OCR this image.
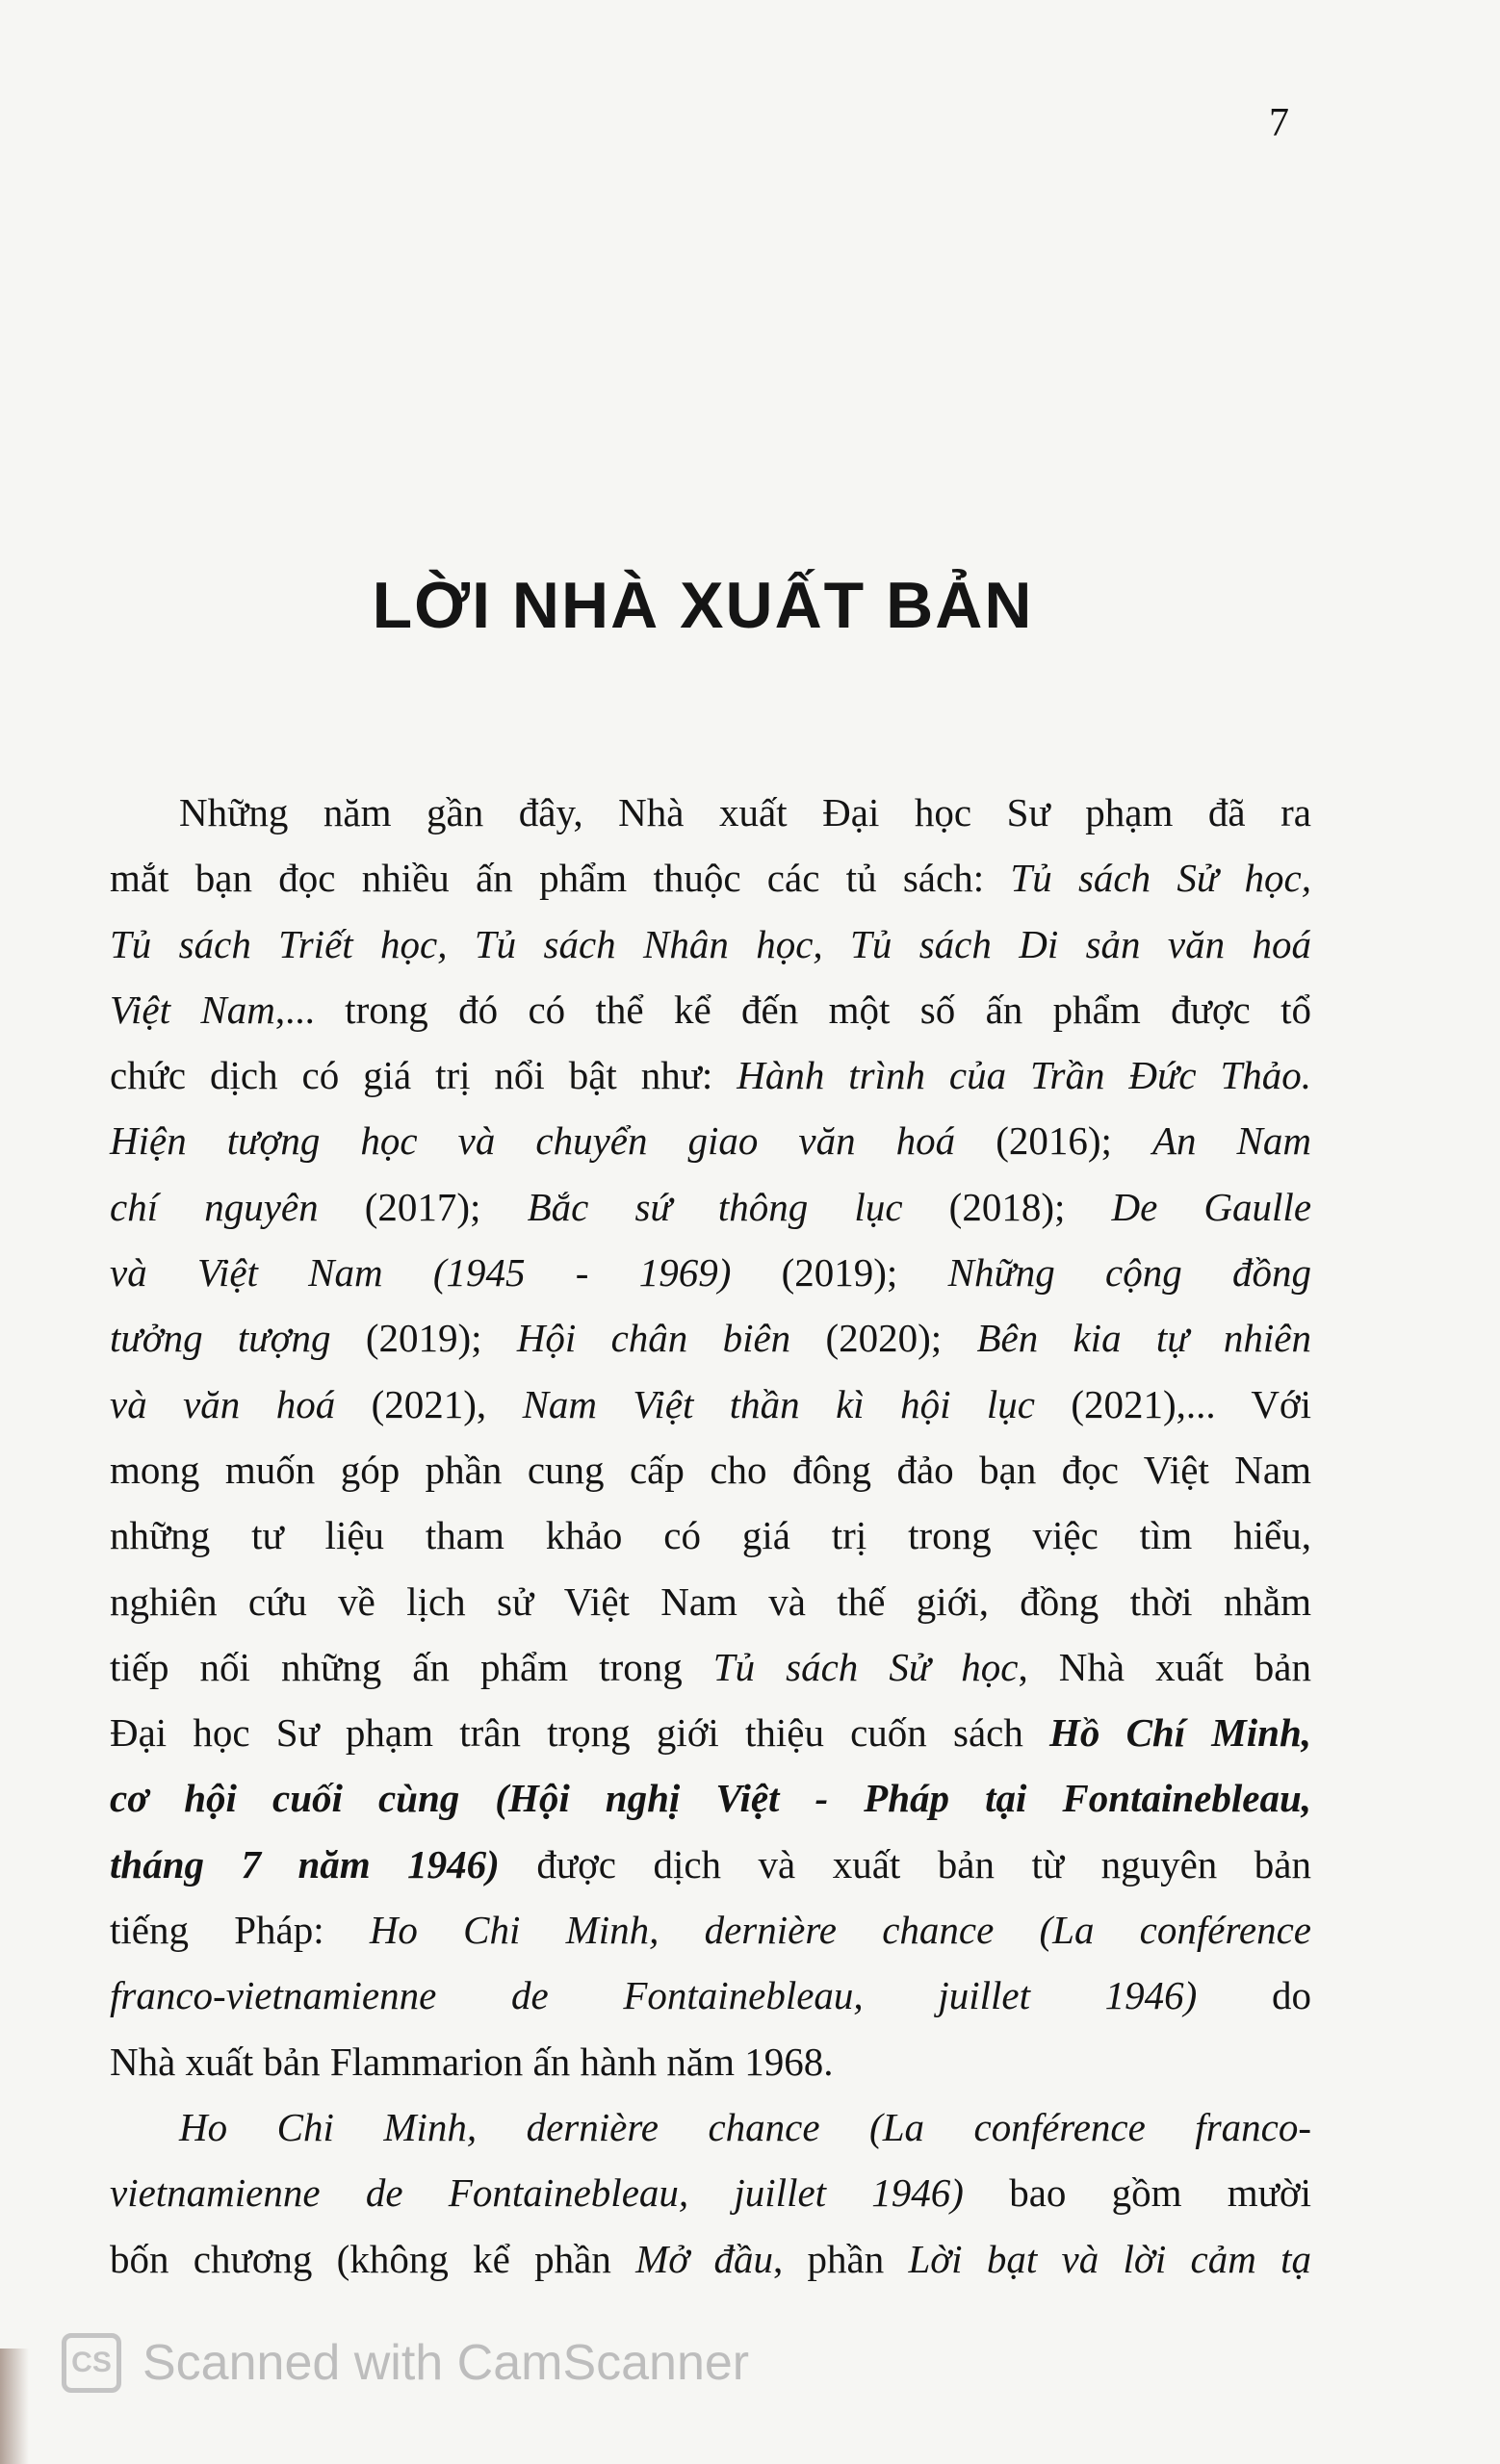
7
LỜI NHÀ XUẤT BẢN
Những năm gần đây, Nhà xuất Đại học Sư phạm đã ra
mắt bạn đọc nhiều ấn phẩm thuộc các tủ sách: Tủ sách Sử học,
Tủ sách Triết học, Tủ sách Nhân học, Tủ sách Di sản văn hoá
Việt Nam,... trong đó có thể kể đến một số ấn phẩm được tổ
chức dịch có giá trị nổi bật như: Hành trình của Trần Đức Thảo.
Hiện tượng học và chuyển giao văn hoá (2016); An Nam
chí nguyên (2017); Bắc sứ thông lục (2018); De Gaulle
và Việt Nam (1945 - 1969) (2019); Những cộng đồng
tưởng tượng (2019); Hội chân biên (2020); Bên kia tự nhiên
và văn hoá (2021), Nam Việt thần kì hội lục (2021),... Với
mong muốn góp phần cung cấp cho đông đảo bạn đọc Việt Nam
những tư liệu tham khảo có giá trị trong việc tìm hiểu,
nghiên cứu về lịch sử Việt Nam và thế giới, đồng thời nhằm
tiếp nối những ấn phẩm trong Tủ sách Sử học, Nhà xuất bản
Đại học Sư phạm trân trọng giới thiệu cuốn sách Hồ Chí Minh,
cơ hội cuối cùng (Hội nghị Việt - Pháp tại Fontainebleau,
tháng 7 năm 1946) được dịch và xuất bản từ nguyên bản
tiếng Pháp: Ho Chi Minh, dernière chance (La conférence
franco-vietnamienne de Fontainebleau, juillet 1946) do
Nhà xuất bản Flammarion ấn hành năm 1968.
Ho Chi Minh, dernière chance (La conférence franco-
vietnamienne de Fontainebleau, juillet 1946) bao gồm mười
bốn chương (không kể phần Mở đầu, phần Lời bạt và lời cảm tạ
CS Scanned with CamScanner
